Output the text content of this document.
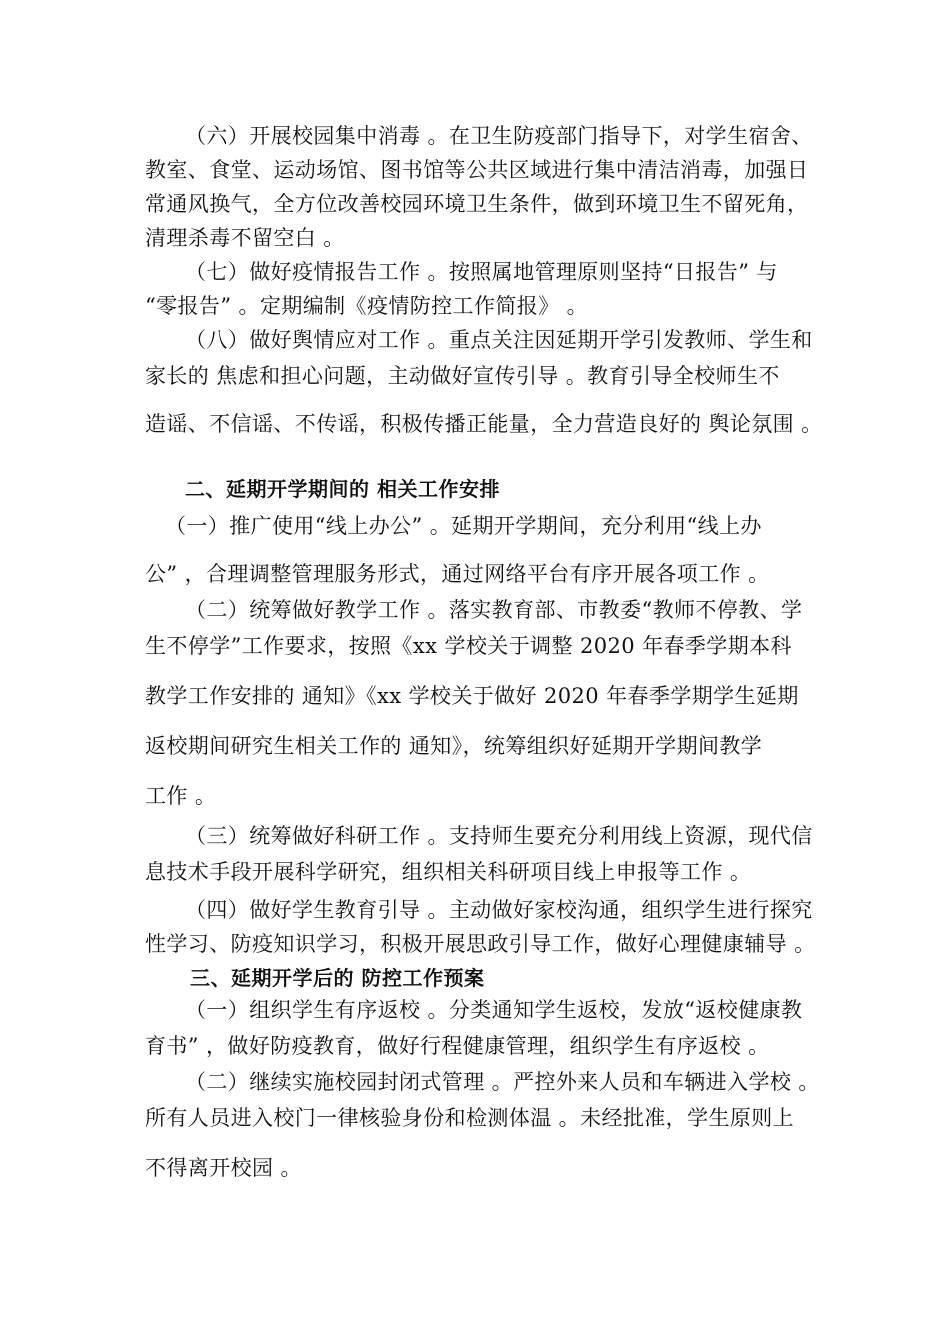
（六）开展校园集中消毒 。在卫生防疫部门指导下，对学生宿舍、
教室、食堂、运动场馆、图书馆等公共区域进行集中清洁消毒，加强日
常通风换气，全方位改善校园环境卫生条件，做到环境卫生不留死角，
清理杀毒不留空白 。
（七）做好疫情报告工作 。按照属地管理原则坚持“日报告” 与
“零报告” 。定期编制《疫情防控工作简报》 。
（八）做好舆情应对工作 。重点关注因延期开学引发教师、学生和
家长的 焦虑和担心问题，主动做好宣传引导 。教育引导全校师生不
造谣、不信谣、不传谣，积极传播正能量，全力营造良好的 舆论氛围 。
二、延期开学期间的 相关工作安排
（一）推广使用“线上办公” 。延期开学期间，充分利用“线上办
公” ，合理调整管理服务形式，通过网络平台有序开展各项工作 。
（二）统筹做好教学工作 。落实教育部、市教委“教师不停教、学
生不停学”工作要求，按照《xx 学校关于调整 2020 年春季学期本科
教学工作安排的 通知》《xx 学校关于做好 2020 年春季学期学生延期
返校期间研究生相关工作的 通知》，统筹组织好延期开学期间教学
工作 。
（三）统筹做好科研工作 。支持师生要充分利用线上资源，现代信
息技术手段开展科学研究，组织相关科研项目线上申报等工作 。
（四）做好学生教育引导 。主动做好家校沟通，组织学生进行探究
性学习、防疫知识学习，积极开展思政引导工作，做好心理健康辅导 。
三、延期开学后的 防控工作预案
（一）组织学生有序返校 。分类通知学生返校，发放“返校健康教
育书” ，做好防疫教育，做好行程健康管理，组织学生有序返校 。
（二）继续实施校园封闭式管理 。严控外来人员和车辆进入学校 。
所有人员进入校门一律核验身份和检测体温 。未经批准，学生原则上
不得离开校园 。
